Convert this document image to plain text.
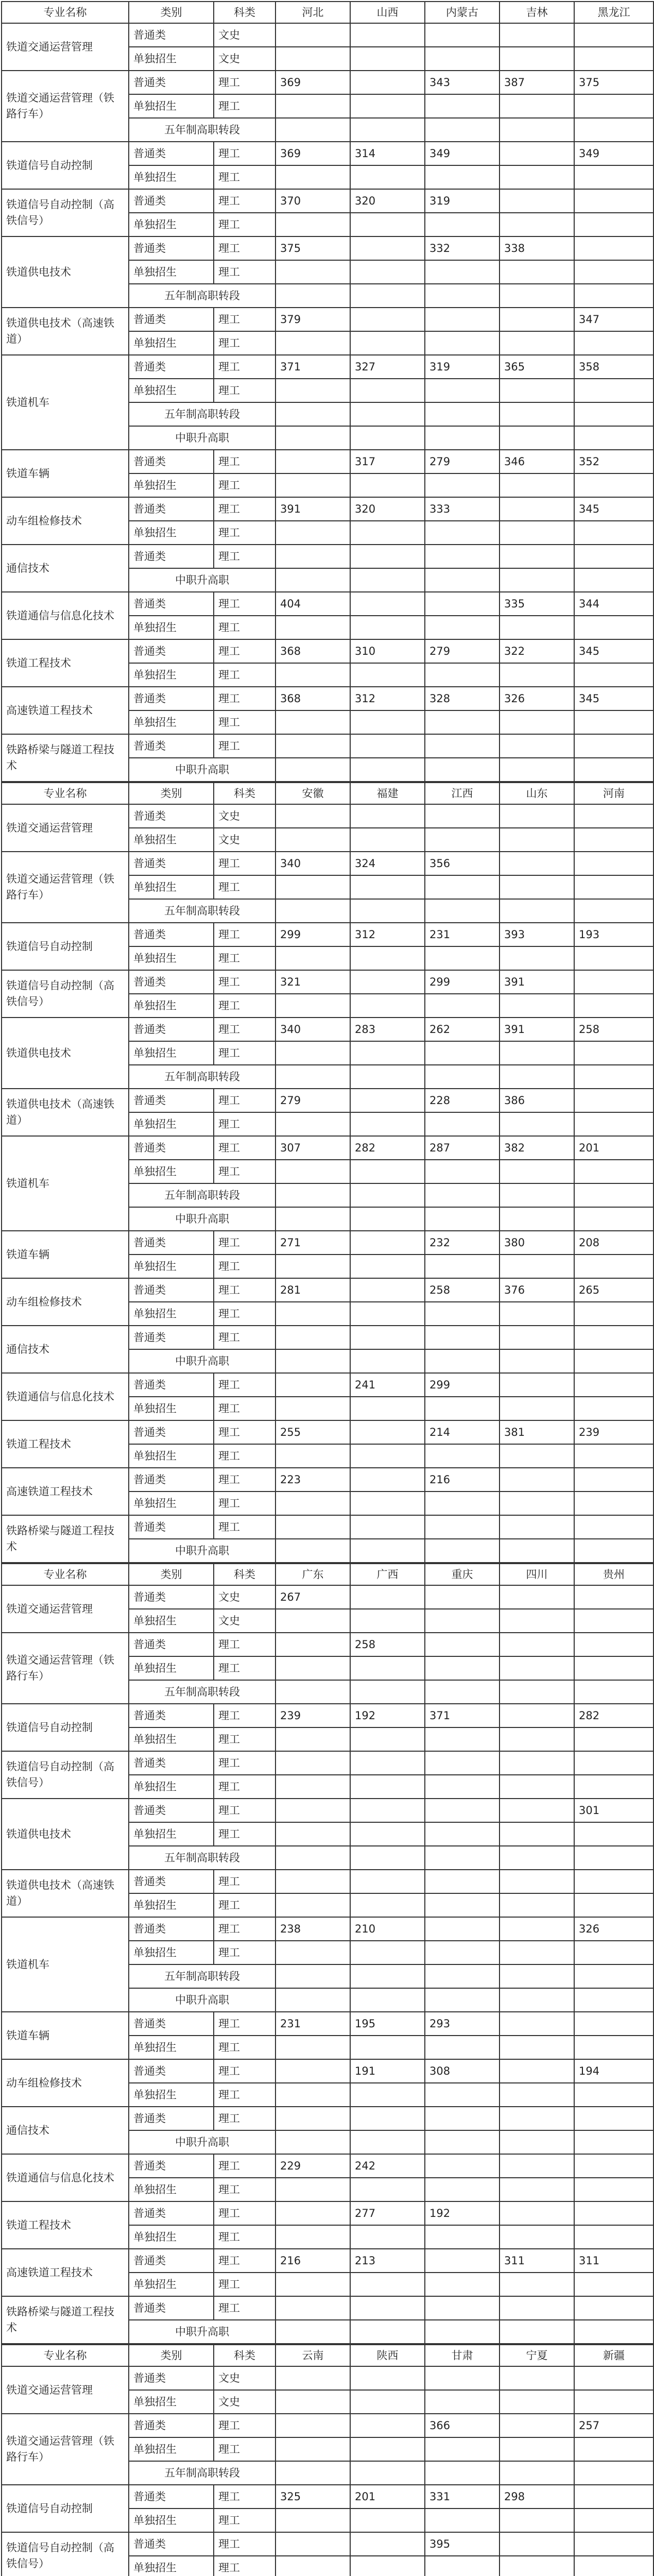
专业名称	类别	科类	河北	山西	内蒙古	吉林	黑龙江
铁道交通运营管理	普通类	文史					
	单独招生	文史					
铁道交通运营管理（铁路行车）	普通类	理工	369		343	387	375
	单独招生	理工					
	五年制高职转段						
铁道信号自动控制	普通类	理工	369	314	349		349
	单独招生	理工					
铁道信号自动控制（高铁信号）	普通类	理工	370	320	319		
	单独招生	理工					
铁道供电技术	普通类	理工	375		332	338	
	单独招生	理工					
	五年制高职转段						
铁道供电技术（高速铁道）	普通类	理工	379				347
	单独招生	理工					
铁道机车	普通类	理工	371	327	319	365	358
	单独招生	理工					
	五年制高职转段						
	中职升高职						
铁道车辆	普通类	理工		317	279	346	352
	单独招生	理工					
动车组检修技术	普通类	理工	391	320	333		345
	单独招生	理工					
通信技术	普通类	理工					
	中职升高职						
铁道通信与信息化技术	普通类	理工	404			335	344
	单独招生	理工					
铁道工程技术	普通类	理工	368	310	279	322	345
	单独招生	理工					
高速铁道工程技术	普通类	理工	368	312	328	326	345
	单独招生	理工					
铁路桥梁与隧道工程技术	普通类	理工					
	中职升高职						
专业名称	类别	科类	安徽	福建	江西	山东	河南
铁道交通运营管理	普通类	文史					
	单独招生	文史					
铁道交通运营管理（铁路行车）	普通类	理工	340	324	356		
	单独招生	理工					
	五年制高职转段						
铁道信号自动控制	普通类	理工	299	312	231	393	193
	单独招生	理工					
铁道信号自动控制（高铁信号）	普通类	理工	321		299	391	
	单独招生	理工					
铁道供电技术	普通类	理工	340	283	262	391	258
	单独招生	理工					
	五年制高职转段						
铁道供电技术（高速铁道）	普通类	理工	279		228	386	
	单独招生	理工					
铁道机车	普通类	理工	307	282	287	382	201
	单独招生	理工					
	五年制高职转段						
	中职升高职						
铁道车辆	普通类	理工	271		232	380	208
	单独招生	理工					
动车组检修技术	普通类	理工	281		258	376	265
	单独招生	理工					
通信技术	普通类	理工					
	中职升高职						
铁道通信与信息化技术	普通类	理工		241	299		
	单独招生	理工					
铁道工程技术	普通类	理工	255		214	381	239
	单独招生	理工					
高速铁道工程技术	普通类	理工	223		216		
	单独招生	理工					
铁路桥梁与隧道工程技术	普通类	理工					
	中职升高职						
专业名称	类别	科类	广东	广西	重庆	四川	贵州
铁道交通运营管理	普通类	文史	267				
	单独招生	文史					
铁道交通运营管理（铁路行车）	普通类	理工		258			
	单独招生	理工					
	五年制高职转段						
铁道信号自动控制	普通类	理工	239	192	371		282
	单独招生	理工					
铁道信号自动控制（高铁信号）	普通类	理工					
	单独招生	理工					
铁道供电技术	普通类	理工					301
	单独招生	理工					
	五年制高职转段						
铁道供电技术（高速铁道）	普通类	理工					
	单独招生	理工					
铁道机车	普通类	理工	238	210			326
	单独招生	理工					
	五年制高职转段						
	中职升高职						
铁道车辆	普通类	理工	231	195	293		
	单独招生	理工					
动车组检修技术	普通类	理工		191	308		194
	单独招生	理工					
通信技术	普通类	理工					
	中职升高职						
铁道通信与信息化技术	普通类	理工	229	242			
	单独招生	理工					
铁道工程技术	普通类	理工		277	192		
	单独招生	理工					
高速铁道工程技术	普通类	理工	216	213		311	311
	单独招生	理工					
铁路桥梁与隧道工程技术	普通类	理工					
	中职升高职						
专业名称	类别	科类	云南	陕西	甘肃	宁夏	新疆
铁道交通运营管理	普通类	文史					
	单独招生	文史					
铁道交通运营管理（铁路行车）	普通类	理工			366		257
	单独招生	理工					
	五年制高职转段						
铁道信号自动控制	普通类	理工	325	201	331	298	
	单独招生	理工					
铁道信号自动控制（高铁信号）	普通类	理工			395		
	单独招生	理工					
